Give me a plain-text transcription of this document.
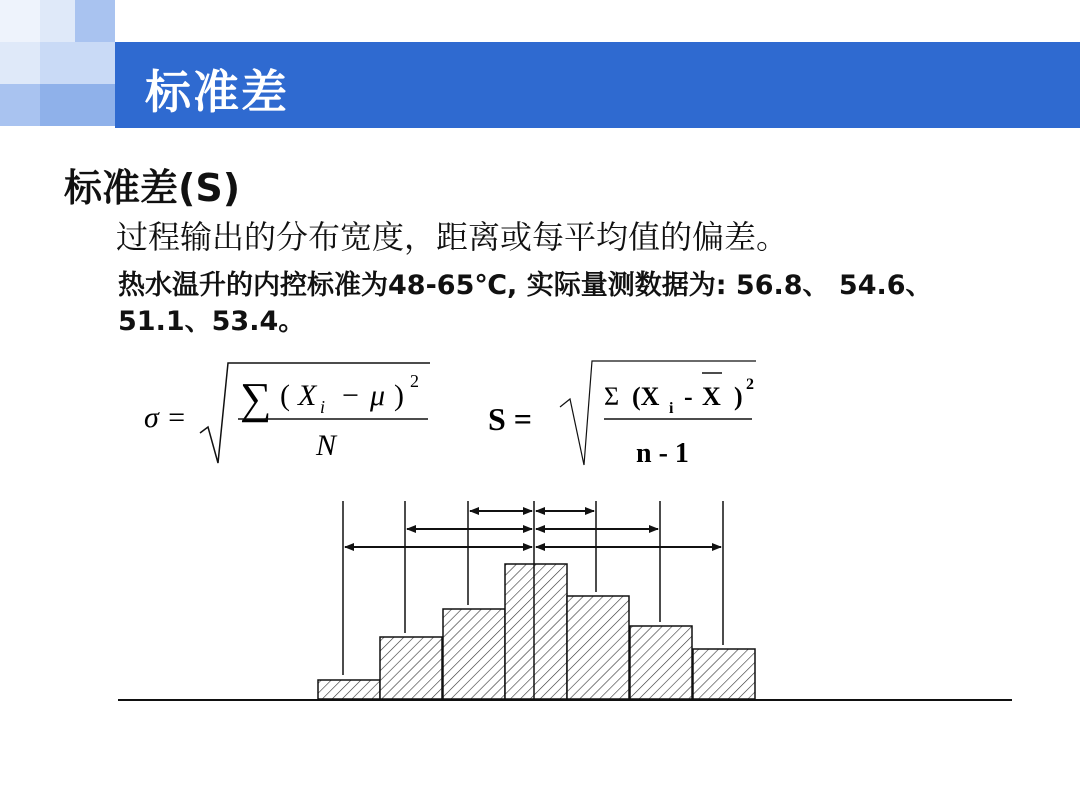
标准差
标准差(S)
过程输出的分布宽度，距离或每平均值的偏差。
热水温升的内控标准为48-65℃, 实际量测数据为: 56.8、 54.6、51.1、53.4。
σ = ∑ ( X i − μ ) 2
N
S =
Σ (X i - X ) 2
n - 1
